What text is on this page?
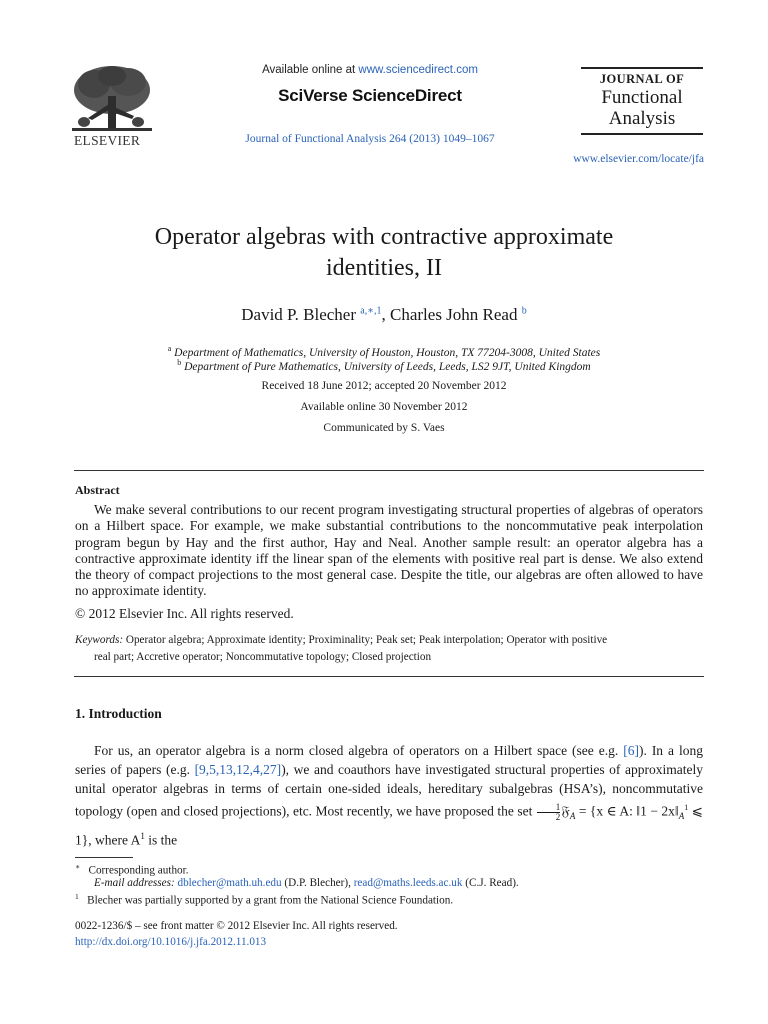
ELSEVIER
Available online at www.sciencedirect.com
SciVerse ScienceDirect
Journal of Functional Analysis 264 (2013) 1049–1067
JOURNAL OF
Functional
Analysis
www.elsevier.com/locate/jfa
Operator algebras with contractive approximate
identities, II
David P. Blecher $^{a,∗,1}$, Charles John Read $^b$
$^a$ Department of Mathematics, University of Houston, Houston, TX 77204-3008, United States
$^b$ Department of Pure Mathematics, University of Leeds, Leeds, LS2 9JT, United Kingdom
Received 18 June 2012; accepted 20 November 2012
Available online 30 November 2012
Communicated by S. Vaes
Abstract
We make several contributions to our recent program investigating structural properties of algebras of operators on a Hilbert space. For example, we make substantial contributions to the noncommutative peak interpolation program begun by Hay and the first author, Hay and Neal. Another sample result: an operator algebra has a contractive approximate identity iff the linear span of the elements with positive real part is dense. We also extend the theory of compact projections to the most general case. Despite the title, our algebras are often allowed to have no approximate identity.
© 2012 Elsevier Inc. All rights reserved.
Keywords: Operator algebra; Approximate identity; Proximinality; Peak set; Peak interpolation; Operator with positive
real part; Accretive operator; Noncommutative topology; Closed projection
1. Introduction
For us, an operator algebra is a norm closed algebra of operators on a Hilbert space (see e.g. [6]). In a long series of papers (e.g. [9,5,13,12,4,27]), we and coauthors have investigated structural properties of approximately unital operator algebras in terms of certain one-sided ideals, hereditary subalgebras (HSA’s), noncommutative topology (open and closed projections), etc. Most recently, we have proposed the set $\frac{1}{2}$ 𝔉$_A$ = {x ∈ A: ‖1 − $2x‖_A^1$ ⩽ 1}, where $A^1$ is the
∗ Corresponding author.
E-mail addresses: dblecher@math.uh.edu (D.P. Blecher), read@maths.leeds.ac.uk (C.J. Read).
$^1$ Blecher was partially supported by a grant from the National Science Foundation.
0022-1236/$ – see front matter © 2012 Elsevier Inc. All rights reserved.
http://dx.doi.org/10.1016/j.jfa.2012.11.013
